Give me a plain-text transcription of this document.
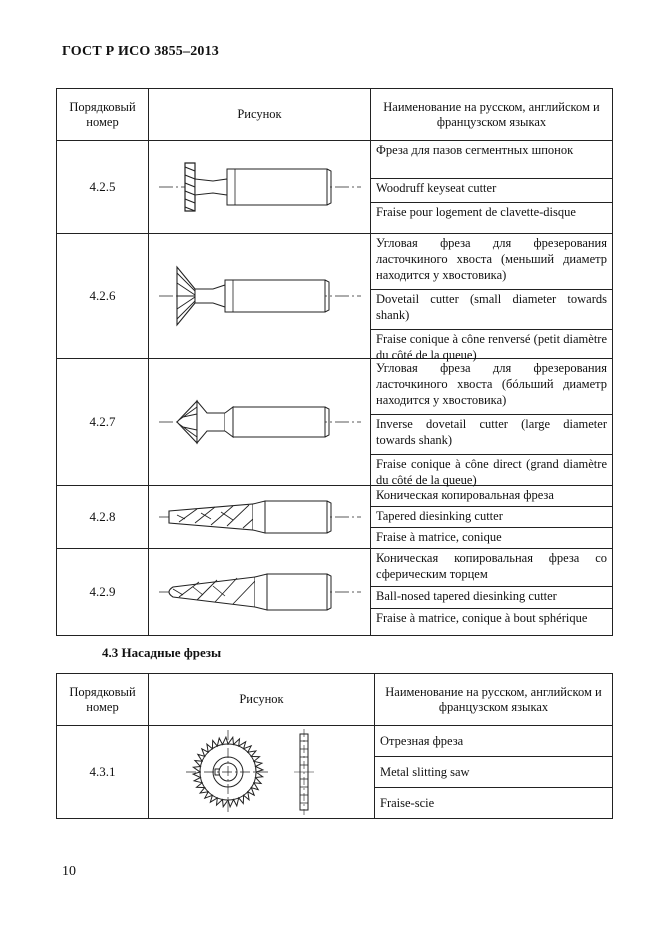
ГОСТ Р ИСО 3855–2013
Порядковый номер	Рисунок	Наименование на русском, английском и французском языках
4.2.5		Фреза для пазов сегментных шпонок
Woodruff keyseat cutter
Fraise pour logement de clavette-disque

4.2.6		Угловая фреза для фрезерования ласточкиного хвоста (меньший диаметр находится у хвостовика)
Dovetail cutter (small diameter towards shank)
Fraise conique à cône renversé (petit diamètre du côté de la queue)

4.2.7		Угловая фреза для фрезерования ласточкиного хвоста (бóльший диаметр находится у хвостовика)
Inverse dovetail cutter (large diameter towards shank)
Fraise conique à cône direct (grand diamètre du côté de la queue)

4.2.8		Коническая копировальная фреза
Tapered diesinking cutter
Fraise à matrice, conique

4.2.9		Коническая копировальная фреза со сферическим торцем
Ball-nosed tapered diesinking cutter
Fraise à matrice, conique à bout sphérique
4.3 Насадные фрезы
Порядковый номер	Рисунок	Наименование на русском, английском и французском языках
4.3.1		Отрезная фреза
Metal slitting saw
Fraise-scie
10
